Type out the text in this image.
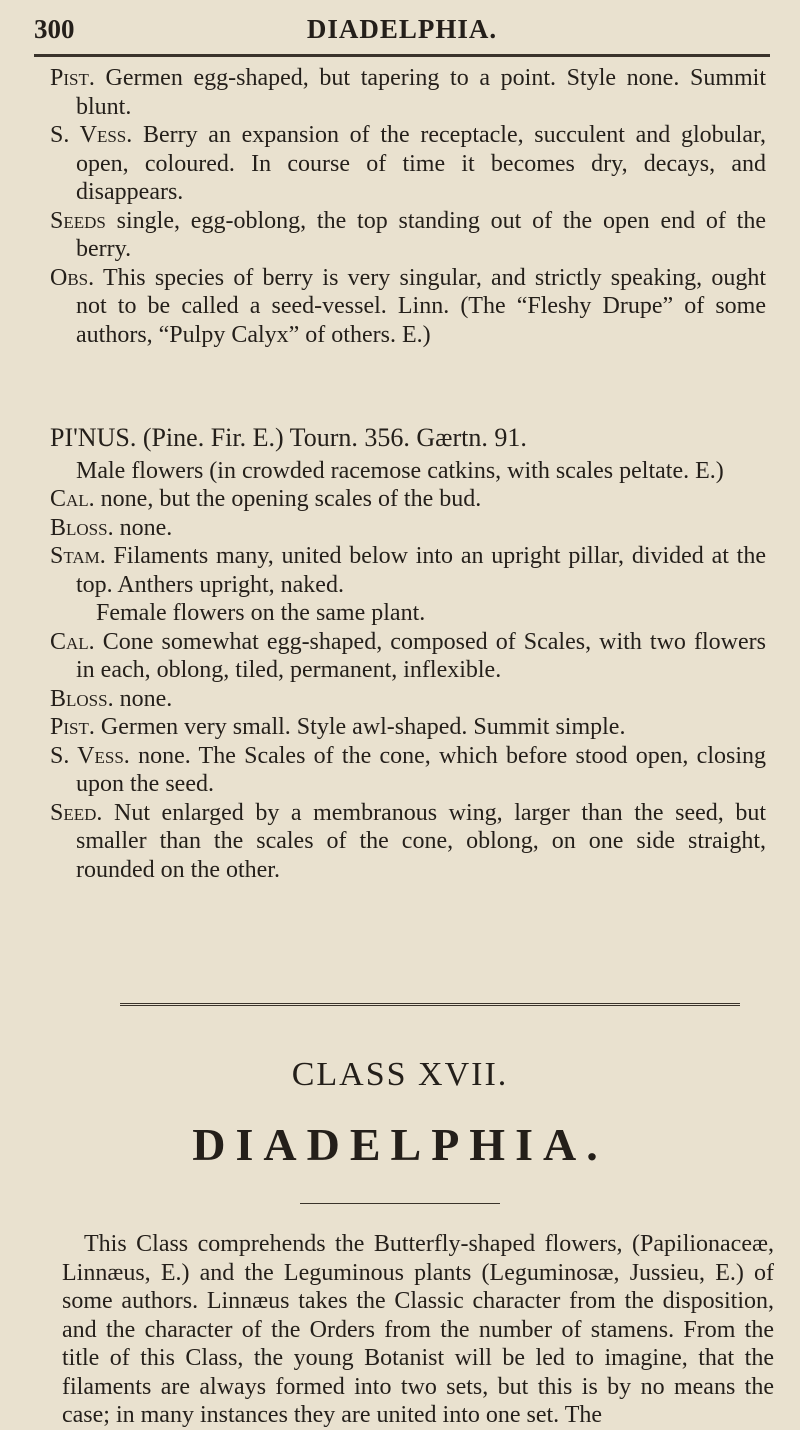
300	DIADELPHIA.

Pist. Germen egg-shaped, but tapering to a point. Style none. Summit blunt.

S. Vess. Berry an expansion of the receptacle, succulent and globular, open, coloured. In course of time it becomes dry, decays, and disappears.

Seeds single, egg-oblong, the top standing out of the open end of the berry.

Obs. This species of berry is very singular, and strictly speaking, ought not to be called a seed-vessel. Linn. (The “Fleshy Drupe” of some authors, “Pulpy Calyx” of others. E.)

PI'NUS. (Pine. Fir. E.) Tourn. 356. Gærtn. 91.

Male flowers (in crowded racemose catkins, with scales peltate. E.)

Cal. none, but the opening scales of the bud.

Bloss. none.

Stam. Filaments many, united below into an upright pillar, divided at the top. Anthers upright, naked.

Female flowers on the same plant.

Cal. Cone somewhat egg-shaped, composed of Scales, with two flowers in each, oblong, tiled, permanent, inflexible.

Bloss. none.

Pist. Germen very small. Style awl-shaped. Summit simple.

S. Vess. none. The Scales of the cone, which before stood open, closing upon the seed.

Seed. Nut enlarged by a membranous wing, larger than the seed, but smaller than the scales of the cone, oblong, on one side straight, rounded on the other.

CLASS XVII.
DIADELPHIA.

This Class comprehends the Butterfly-shaped flowers, (Papilionaceæ, Linnæus, E.) and the Leguminous plants (Leguminosæ, Jussieu, E.) of some authors. Linnæus takes the Classic character from the disposition, and the character of the Orders from the number of stamens. From the title of this Class, the young Botanist will be led to imagine, that the filaments are always formed into two sets, but this is by no means the case; in many instances they are united into one set. The
